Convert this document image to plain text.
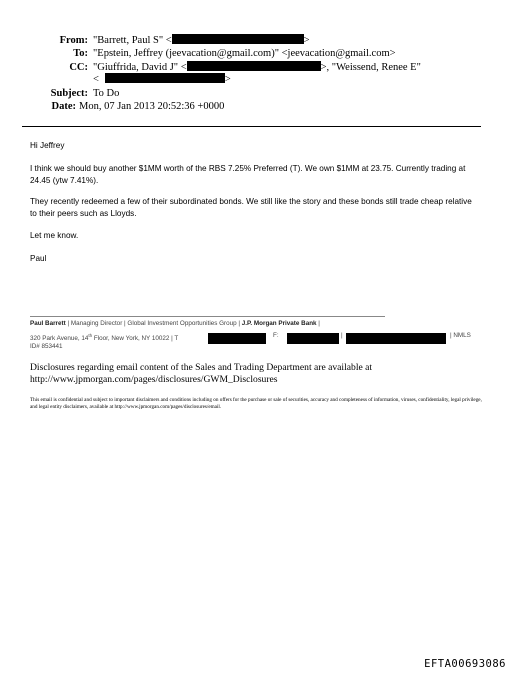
From: "Barrett, Paul S" <	>
To: "Epstein, Jeffrey (jeevacation@gmail.com)" <jeevacation@gmail.com>
CC: "Giuffrida, David J" <	>, "Weissend, Renee E"
<	>
Subject: To Do
Date: Mon, 07 Jan 2013 20:52:36 +0000
Hi Jeffrey
I think we should buy another $1MM worth of the RBS 7.25% Preferred (T). We own $1MM at 23.75. Currently trading at 24.45 (ytw 7.41%).
They recently redeemed a few of their subordinated bonds. We still like the story and these bonds still trade cheap relative to their peers such as Lloyds.
Let me know.
Paul
Paul Barrett | Managing Director | Global Investment Opportunities Group | J.P. Morgan Private Bank |
320 Park Avenue, 14th Floor, New York, NY 10022 | T	F:	|	| NMLS
ID# 853441
Disclosures regarding email content of the Sales and Trading Department are available at http://www.jpmorgan.com/pages/disclosures/GWM_Disclosures
This email is confidential and subject to important disclaimers and conditions including on offers for the purchase or sale of securities, accuracy and completeness of information, viruses, confidentiality, legal privilege, and legal entity disclaimers, available at http://www.jpmorgan.com/pages/disclosures/email.
EFTA00693086
